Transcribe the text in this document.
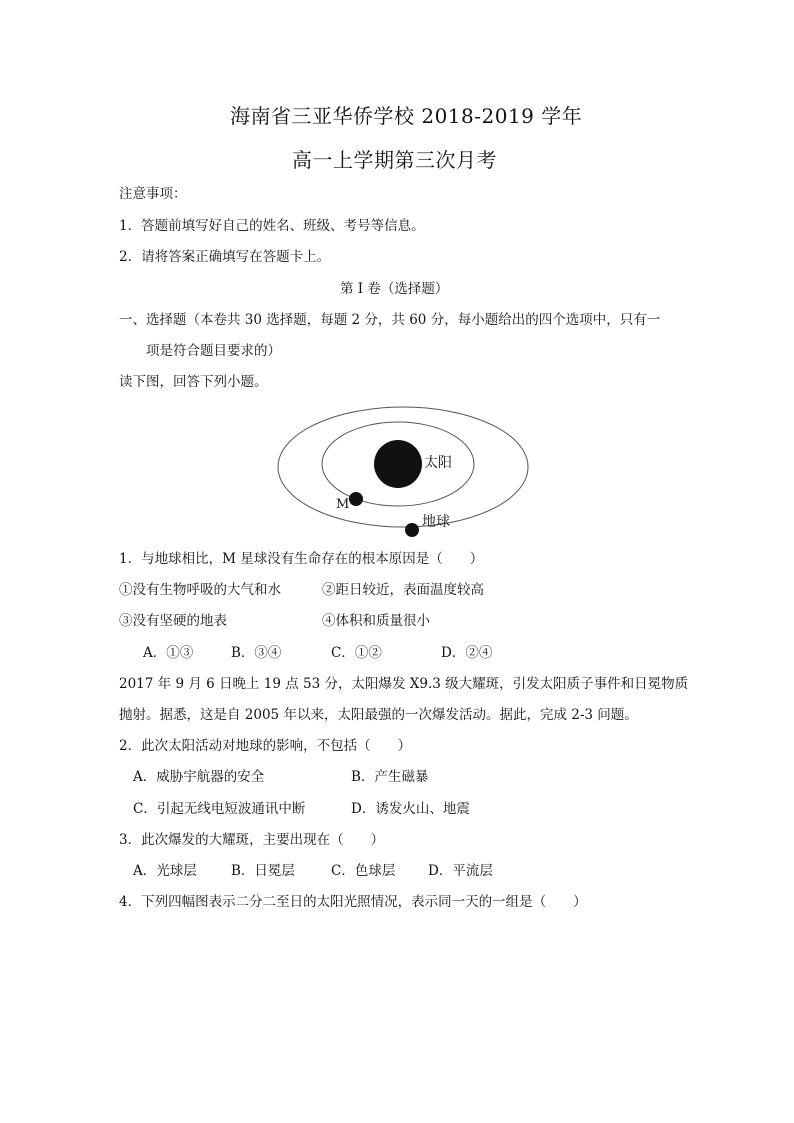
海南省三亚华侨学校 2018-2019 学年
高一上学期第三次月考
注意事项：
1．答题前填写好自己的姓名、班级、考号等信息。
2．请将答案正确填写在答题卡上。
第 I 卷（选择题）
一、选择题（本卷共 30 选择题，每题 2 分，共 60 分，每小题给出的四个选项中，只有一
项是符合题目要求的）
读下图，回答下列小题。
太阳
M
地球
1．与地球相比，M 星球没有生命存在的根本原因是（　　）
①没有生物呼吸的大气和水	②距日较近，表面温度较高
③没有坚硬的地表	④体积和质量很小
A．①③	B．③④	C．①②	D．②④
2017 年 9 月 6 日晚上 19 点 53 分，太阳爆发 X9.3 级大耀斑，引发太阳质子事件和日冕物质
抛射。据悉，这是自 2005 年以来，太阳最强的一次爆发活动。据此，完成 2-3 问题。
2．此次太阳活动对地球的影响，不包括（　　）
A．威胁宇航器的安全	B．产生磁暴
C．引起无线电短波通讯中断	D．诱发火山、地震
3．此次爆发的大耀斑，主要出现在（　　）
A．光球层	B．日冕层	C．色球层 D．平流层
4．下列四幅图表示二分二至日的太阳光照情况，表示同一天的一组是（　　）
